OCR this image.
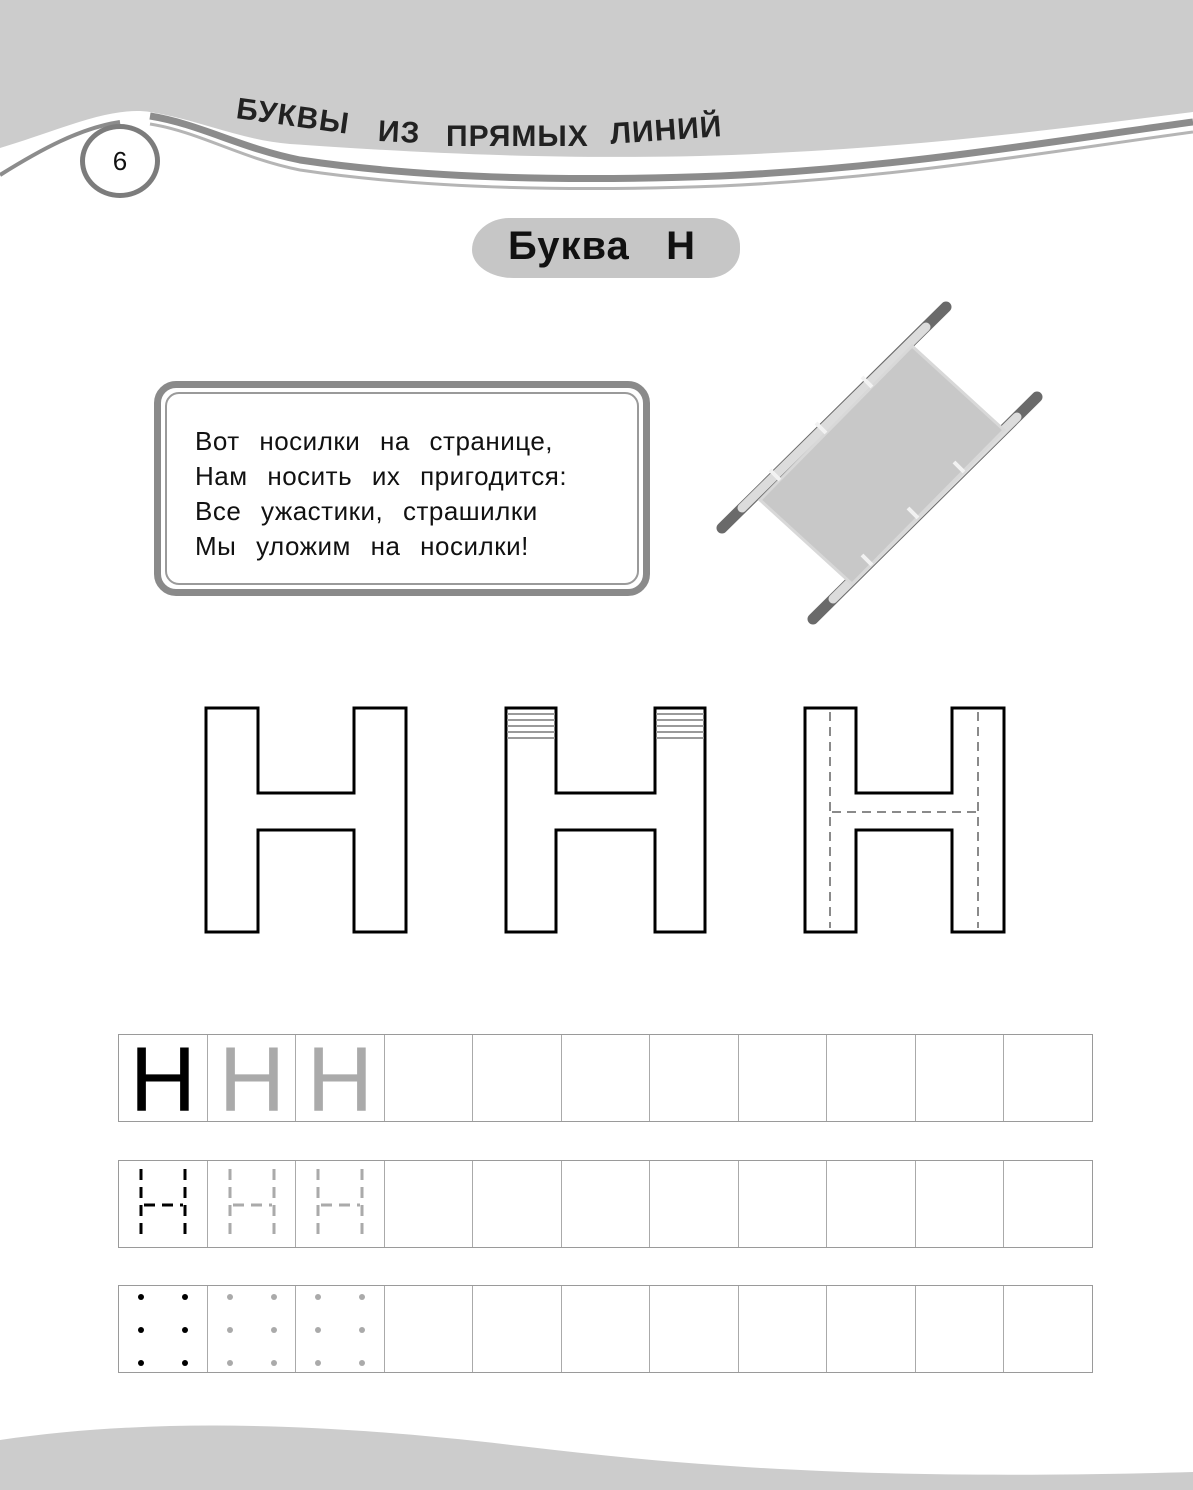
БУКВЫ ИЗ ПРЯМЫХ ЛИНИЙ
6
Буква   Н
Вот носилки на странице,
Нам носить их пригодится:
Все ужастики, страшилки
Мы уложим на носилки!
Н Н Н
